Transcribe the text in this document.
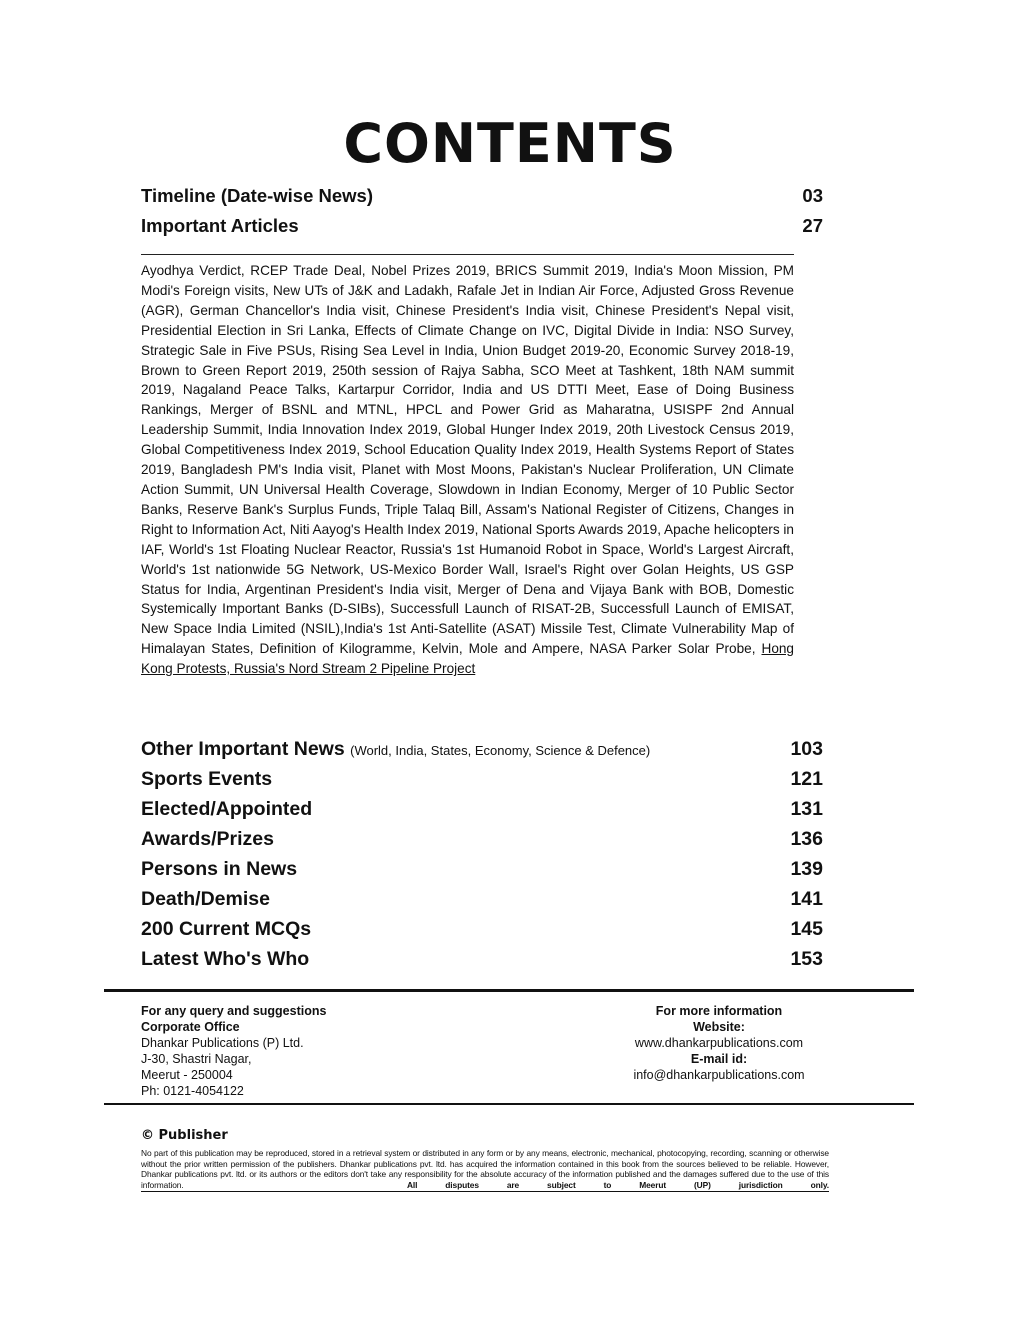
CONTENTS
Timeline (Date-wise News)	03
Important Articles	27
Ayodhya Verdict, RCEP Trade Deal, Nobel Prizes 2019, BRICS Summit 2019, India's Moon Mission, PM Modi's Foreign visits, New UTs of J&K and Ladakh, Rafale Jet in Indian Air Force, Adjusted Gross Revenue (AGR), German Chancellor's India visit, Chinese President's India visit, Chinese President's Nepal visit, Presidential Election in Sri Lanka, Effects of Climate Change on IVC, Digital Divide in India: NSO Survey, Strategic Sale in Five PSUs, Rising Sea Level in India, Union Budget 2019-20, Economic Survey 2018-19, Brown to Green Report 2019, 250th session of Rajya Sabha, SCO Meet at Tashkent, 18th NAM summit 2019, Nagaland Peace Talks, Kartarpur Corridor, India and US DTTI Meet, Ease of Doing Business Rankings, Merger of BSNL and MTNL, HPCL and Power Grid as Maharatna, USISPF 2nd Annual Leadership Summit, India Innovation Index 2019, Global Hunger Index 2019, 20th Livestock Census 2019, Global Competitiveness Index 2019, School Education Quality Index 2019, Health Systems Report of States 2019, Bangladesh PM's India visit, Planet with Most Moons, Pakistan's Nuclear Proliferation, UN Climate Action Summit, UN Universal Health Coverage, Slowdown in Indian Economy, Merger of 10 Public Sector Banks, Reserve Bank's Surplus Funds, Triple Talaq Bill, Assam's National Register of Citizens, Changes in Right to Information Act, Niti Aayog's Health Index 2019, National Sports Awards 2019, Apache helicopters in IAF, World's 1st Floating Nuclear Reactor, Russia's 1st Humanoid Robot in Space, World's Largest Aircraft, World's 1st nationwide 5G Network, US-Mexico Border Wall, Israel's Right over Golan Heights, US GSP Status for India, Argentinan President's India visit, Merger of Dena and Vijaya Bank with BOB, Domestic Systemically Important Banks (D-SIBs), Successfull Launch of RISAT-2B, Successfull Launch of EMISAT, New Space India Limited (NSIL),India's 1st Anti-Satellite (ASAT) Missile Test, Climate Vulnerability Map of Himalayan States, Definition of Kilogramme, Kelvin, Mole and Ampere, NASA Parker Solar Probe, Hong Kong Protests, Russia's Nord Stream 2 Pipeline Project
Other Important News (World, India, States, Economy, Science & Defence)	103
Sports Events	121
Elected/Appointed	131
Awards/Prizes	136
Persons in News	139
Death/Demise	141
200 Current MCQs	145
Latest Who's Who	153
For any query and suggestions
Corporate Office
Dhankar Publications (P) Ltd.
J-30, Shastri Nagar,
Meerut - 250004
Ph: 0121-4054122
For more information
Website:
www.dhankarpublications.com
E-mail id:
info@dhankarpublications.com
© Publisher
No part of this publication may be reproduced, stored in a retrieval system or distributed in any form or by any means, electronic, mechanical, photocopying, recording, scanning or otherwise without the prior written permission of the publishers. Dhankar publications pvt. ltd. has acquired the information contained in this book from the sources believed to be reliable. However, Dhankar publications pvt. ltd. or its authors or the editors don't take any responsibility for the absolute accuracy of the information published and the damages suffered due to the use of this information.	All disputes are subject to Meerut (UP) jurisdiction only.
